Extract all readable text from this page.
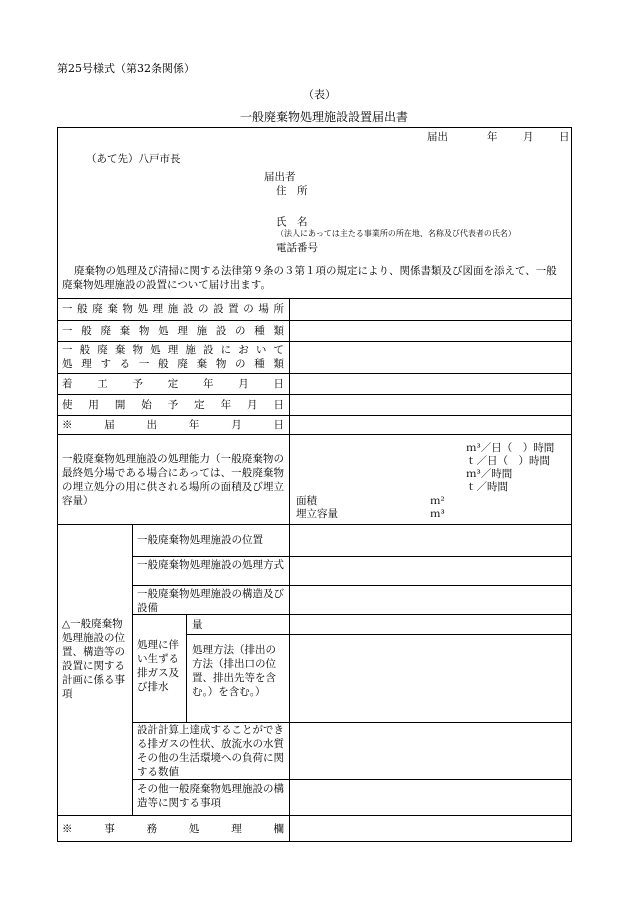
第25号様式（第32条関係）
（表）
一般廃棄物処理施設設置届出書
届出	年 月 日
（あて先）八戸市長
届出者
住　所
氏　名
（法人にあっては主たる事業所の所在地、名称及び代表者の氏名）
電話番号
廃棄物の処理及び清掃に関する法律第９条の３第１項の規定により、関係書類及び図面を添えて、一般廃棄物処理施設の設置について届け出ます。
一般廃棄物処理施設の設置の場所
一般廃棄物処理施設の種類
一般廃棄物処理施設において
処理する一般廃棄物の種類
着工予定年月日
使用開始予定年月日
※届出年月日
一般廃棄物処理施設の処理能力（一般廃棄物の最終処分場である場合にあっては、一般廃棄物の埋立処分の用に供される場所の面積及び埋立容量）
ｍ³／日（　）時間
ｔ／日（　）時間
ｍ³／時間
ｔ／時間
面積	ｍ²
埋立容量	ｍ³
△一般廃棄物処理施設の位置、構造等の設置に関する計画に係る事項
一般廃棄物処理施設の位置
一般廃棄物処理施設の処理方式
一般廃棄物処理施設の構造及び設備
処理に伴い生ずる排ガス及び排水
量
処理方法（排出の方法（排出口の位置、排出先等を含む。）を含む。）
設計計算上達成することができる排ガスの性状、放流水の水質その他の生活環境への負荷に関する数値
その他一般廃棄物処理施設の構造等に関する事項
※事務処理欄
